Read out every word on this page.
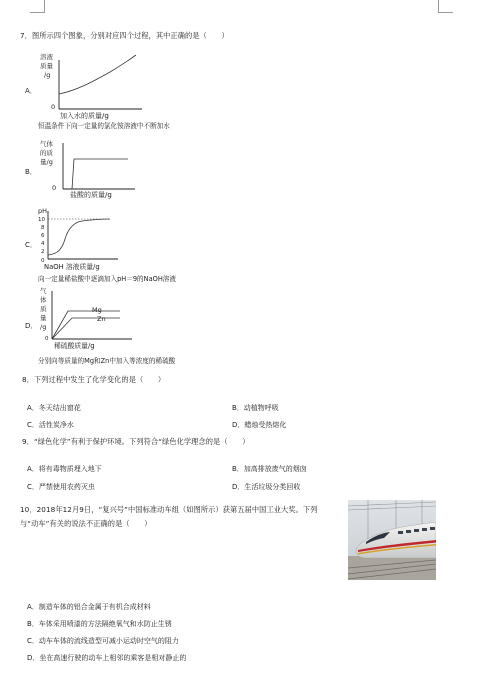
7．图所示四个图象，分别对应四个过程，其中正确的是（　　）
A．
溶液
质量
/g
0
加入水的质量/g
恒温条件下向一定量的氯化铵溶液中不断加水
B．
气体
的质
量/g
0
盐酸的质量/g
C．
pH
10
8
6
4
2
0
NaOH 溶液质量/g
向一定量稀盐酸中逐滴加入pH＝9的NaOH溶液
D．
气
体
质
量
/g
Mg
Zn
0
稀硫酸质量/g
分别向等质量的Mg和Zn中加入等浓度的稀硫酸
8．下列过程中发生了化学变化的是（　　）
A．冬天结出窗花	B．动植物呼吸
C．活性炭净水	D．蜡烛受热熔化
9．“绿色化学”有利于保护环境。下列符合“绿色化学理念的是（　　）
A．将有毒物质埋入地下	B．加高排放废气的烟囱
C．严禁使用农药灭虫	D．生活垃圾分类回收
10．2018年12月9日，“复兴号”中国标准动车组（如图所示）获第五届中国工业大奖。下列
与“动车”有关的说法不正确的是（　　）
A．制造车体的铝合金属于有机合成材料
B．车体采用喷漆的方法隔绝氧气和水防止生锈
C．动车车体的流线造型可减小运动时空气的阻力
D．坐在高速行驶的动车上相邻的乘客是相对静止的
